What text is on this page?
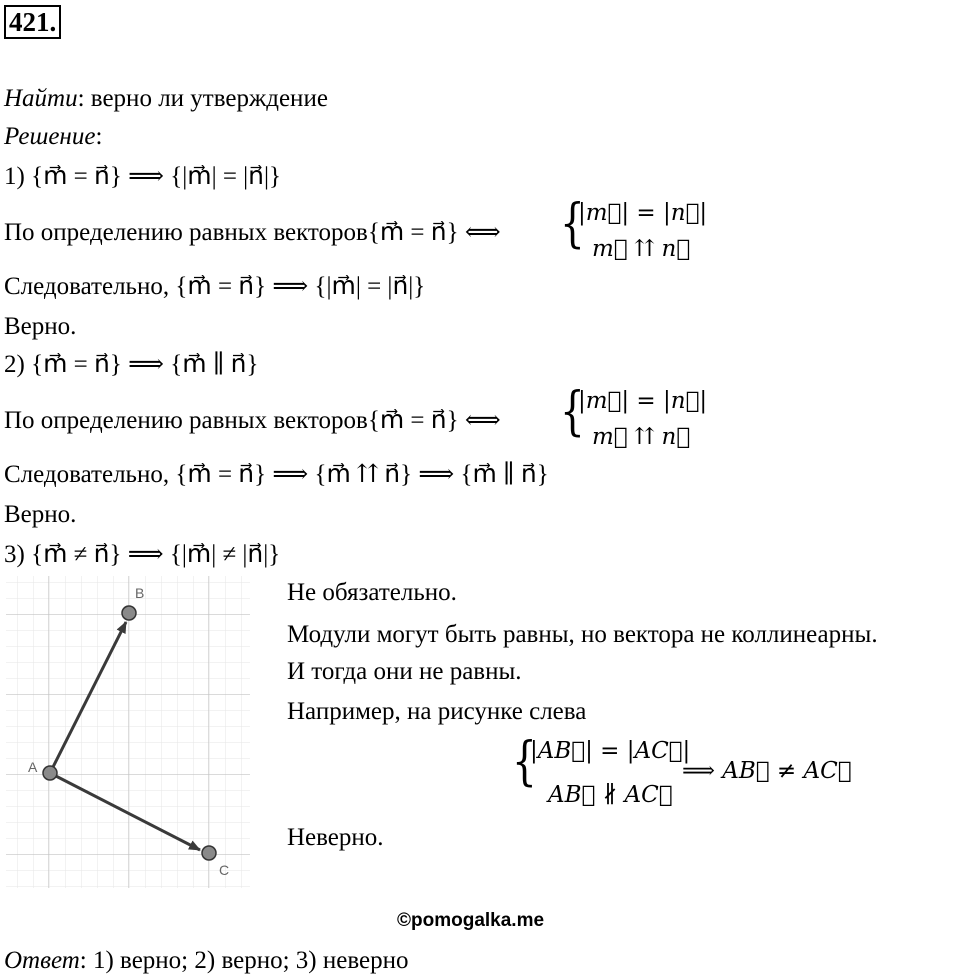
421.
Найти: верно ли утверждение
Решение:
1) {m⃗ = n⃗} ⟹ {|m⃗| = |n⃗|}
По определению равных векторов{m⃗ = n⃗} ⟺ {
|m⃗| = |n⃗|
m⃗ ⇈ n⃗
Следовательно, {m⃗ = n⃗} ⟹ {|m⃗| = |n⃗|}
Верно.
2) {m⃗ = n⃗} ⟹ {m⃗ ∥ n⃗}
По определению равных векторов{m⃗ = n⃗} ⟺ {
|m⃗| = |n⃗|
m⃗ ⇈ n⃗
Следовательно, {m⃗ = n⃗} ⟹ {m⃗ ⇈ n⃗} ⟹ {m⃗ ∥ n⃗}
Верно.
3) {m⃗ ≠ n⃗} ⟹ {|m⃗| ≠ |n⃗|}
A
B
C
Не обязательно.
Модули могут быть равны, но вектора не коллинеарны.
И тогда они не равны.
Например, на рисунке слева
{
|AB⃗| = |AC⃗|
AB⃗ ∦ AC⃗
⟹ AB⃗ ≠ AC⃗
Неверно.
©pomogalka.me
Ответ: 1) верно; 2) верно; 3) неверно
